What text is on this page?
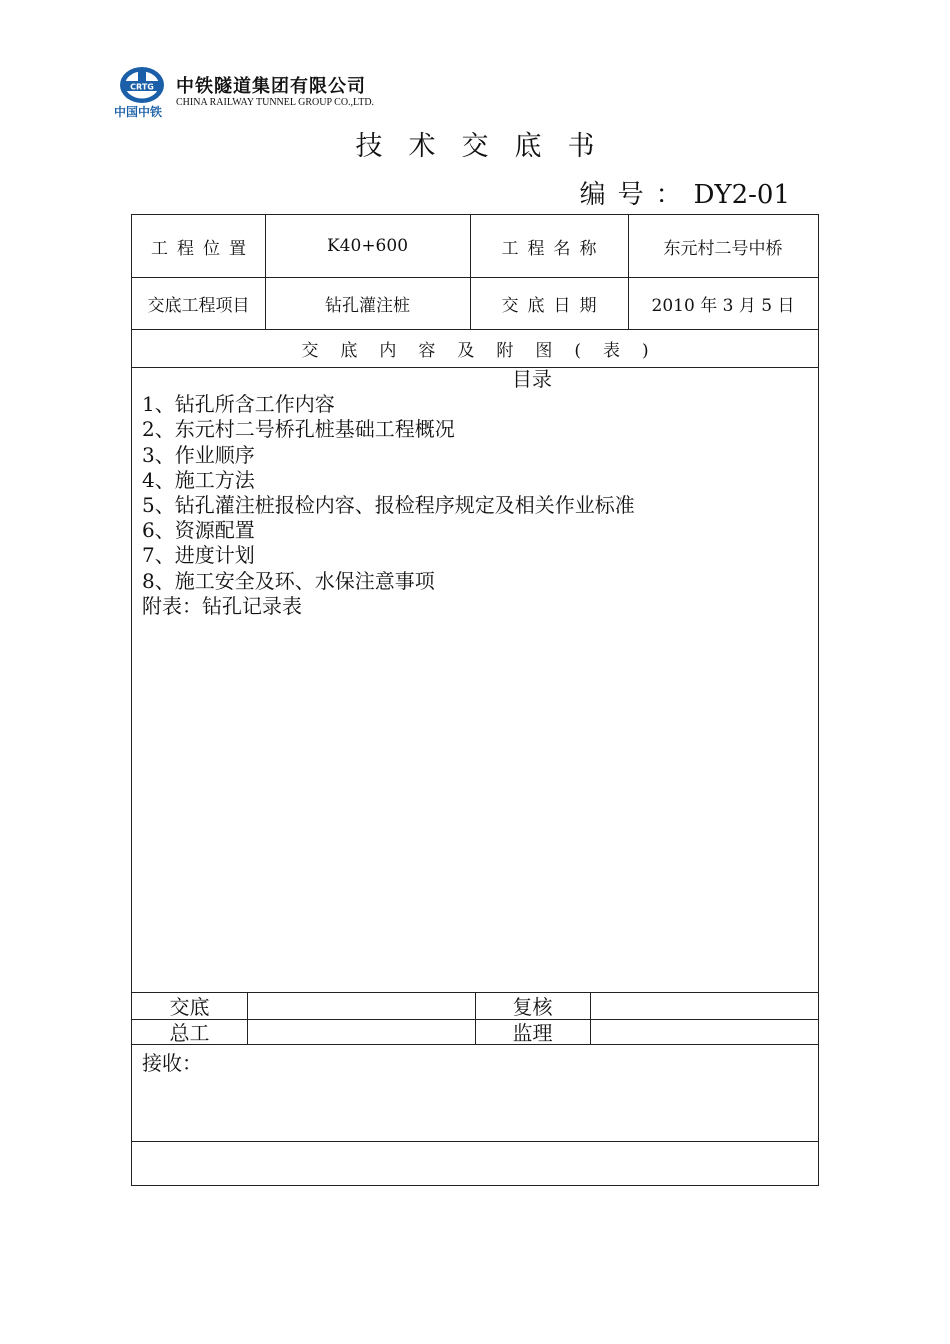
CRTG
中国中铁
中铁隧道集团有限公司
CHINA RAILWAY TUNNEL GROUP CO.,LTD.
技术交底书
编号：DY2-01
工程位置	K40+600	工程名称	东元村二号中桥
交底工程项目	钻孔灌注桩	交底日期	2010 年 3 月 5 日
交底内容及附图(表)
目录
1、钻孔所含工作内容
2、东元村二号桥孔桩基础工程概况
3、作业顺序
4、施工方法
5、钻孔灌注桩报检内容、报检程序规定及相关作业标准
6、资源配置
7、进度计划
8、施工安全及环、水保注意事项
附表：钻孔记录表
交底	复核
总工	监理
接收：
